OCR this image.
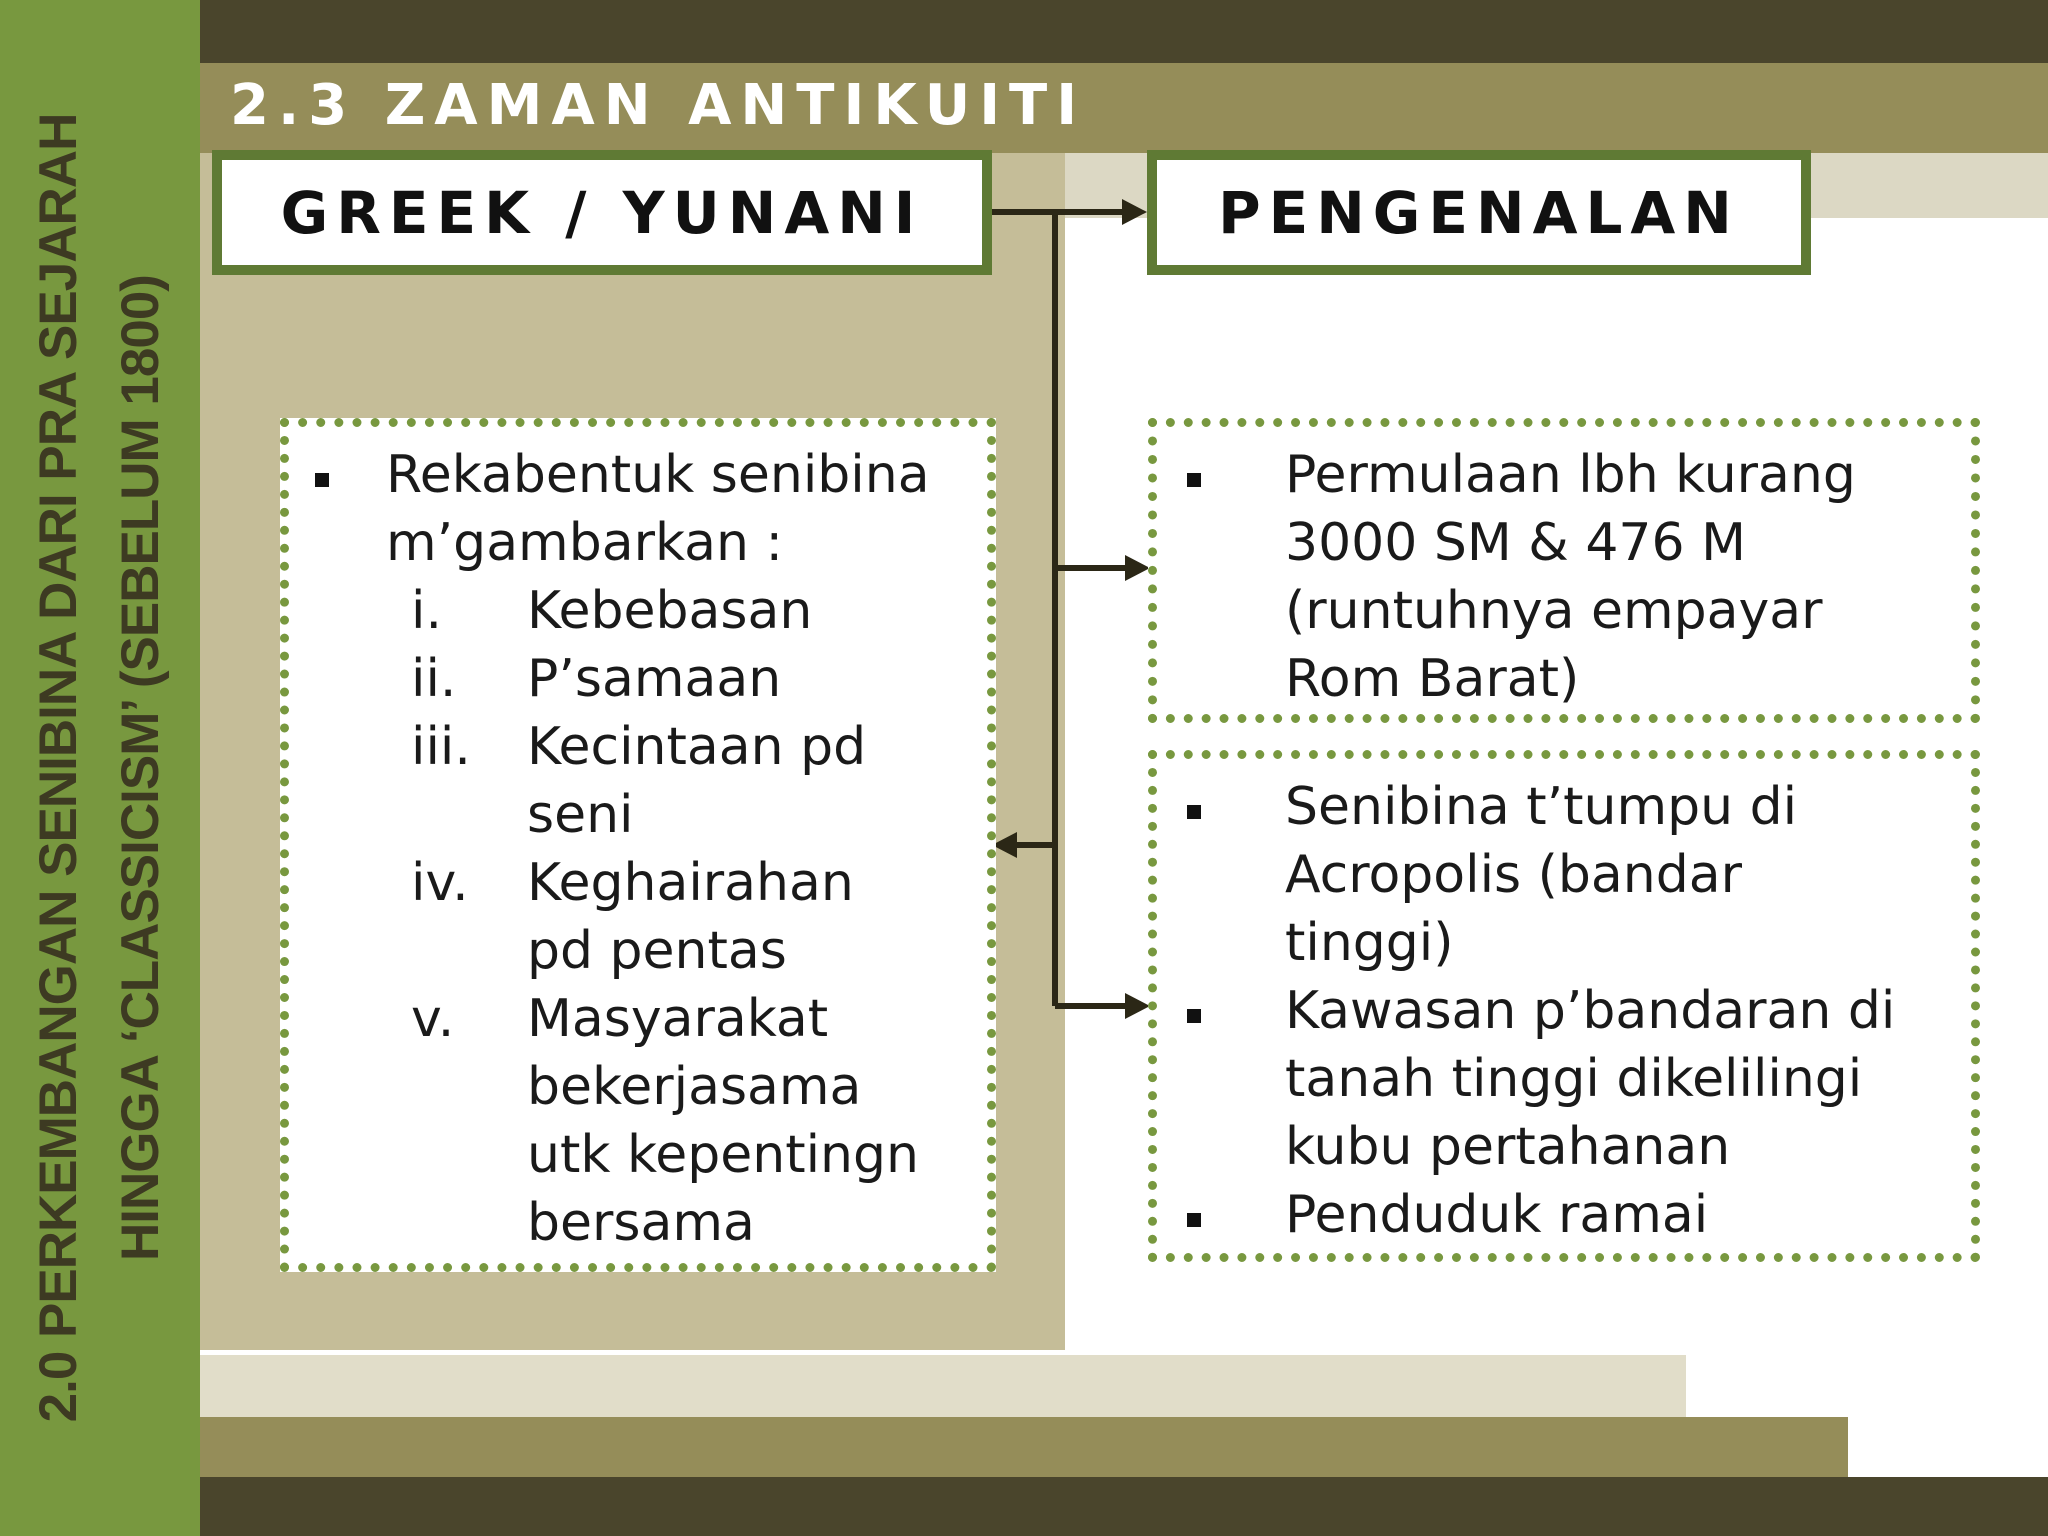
2.0 PERKEMBANGAN SENIBINA DARI PRA SEJARAH HINGGA ‘CLASSICISM’ (SEBELUM 1800)
2.3 ZAMAN ANTIKUITI
GREEK / YUNANI	PENGENALAN
Rekabentuk senibina
m’gambarkan :
i. Kebebasan
ii. P’samaan
iii. Kecintaan pd
seni
iv. Keghairahan
pd pentas
v. Masyarakat
bekerjasama
utk kepentingn
bersama
Permulaan lbh kurang
3000 SM & 476 M
(runtuhnya empayar
Rom Barat)
Senibina t’tumpu di
Acropolis (bandar
tinggi)
Kawasan p’bandaran di
tanah tinggi dikelilingi
kubu pertahanan
Penduduk ramai
